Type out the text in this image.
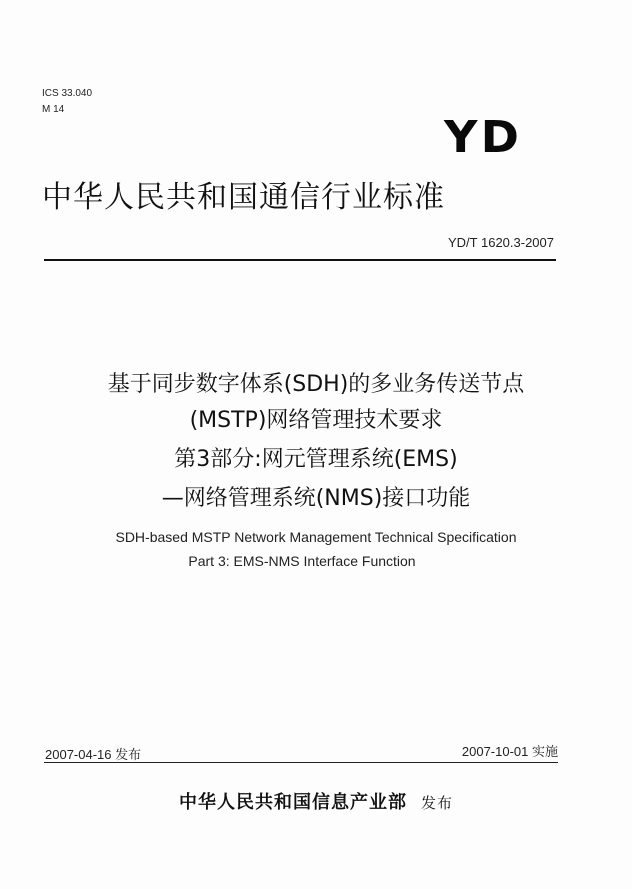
ICS 33.040
M 14
YD
中华人民共和国通信行业标准
YD/T 1620.3-2007
基于同步数字体系(SDH)的多业务传送节点
(MSTP)网络管理技术要求
第3部分:网元管理系统(EMS)
—网络管理系统(NMS)接口功能
SDH-based MSTP Network Management Technical Specification
Part 3: EMS-NMS Interface Function
2007-04-16 发布	2007-10-01 实施
中华人民共和国信息产业部 发布
